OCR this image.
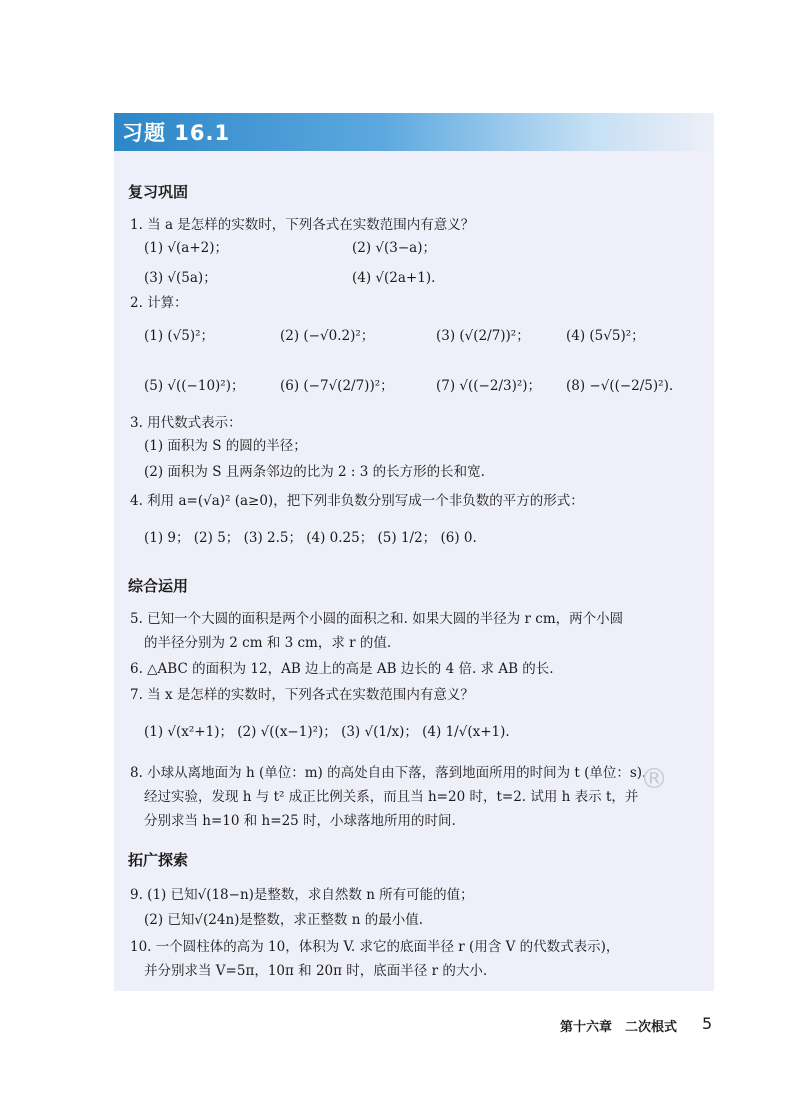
习题 16.1
复习巩固
1. 当 a 是怎样的实数时，下列各式在实数范围内有意义？
(1) √(a+2)；	(2) √(3−a)；
(3) √(5a)；	(4) √(2a+1).
2. 计算：
(1) (√5)²；	(2) (−√0.2)²；	(3) (√(2/7))²；	(4) (5√5)²；
(5) √((−10)²)；	(6) (−7√(2/7))²；	(7) √((−2/3)²)； (8) −√((−2/5)²).
3. 用代数式表示：
(1) 面积为 S 的圆的半径；
(2) 面积为 S 且两条邻边的比为 2 : 3 的长方形的长和宽.
4. 利用 a=(√a)² (a≥0)，把下列非负数分别写成一个非负数的平方的形式：
(1) 9； (2) 5； (3) 2.5； (4) 0.25； (5) 1/2； (6) 0.
综合运用
5. 已知一个大圆的面积是两个小圆的面积之和. 如果大圆的半径为 r cm，两个小圆
的半径分别为 2 cm 和 3 cm，求 r 的值.
6. △ABC 的面积为 12，AB 边上的高是 AB 边长的 4 倍. 求 AB 的长.
7. 当 x 是怎样的实数时，下列各式在实数范围内有意义？
(1) √(x²+1)； (2) √((x−1)²)； (3) √(1/x)； (4) 1/√(x+1).
8. 小球从离地面为 h (单位：m) 的高处自由下落，落到地面所用的时间为 t (单位：s).
经过实验，发现 h 与 t² 成正比例关系，而且当 h=20 时，t=2. 试用 h 表示 t，并
分别求当 h=10 和 h=25 时，小球落地所用的时间.
拓广探索
9. (1) 已知√(18−n)是整数，求自然数 n 所有可能的值；
(2) 已知√(24n)是整数，求正整数 n 的最小值.
10. 一个圆柱体的高为 10，体积为 V. 求它的底面半径 r (用含 V 的代数式表示)，
并分别求当 V=5π，10π 和 20π 时，底面半径 r 的大小.
®
第十六章　二次根式 5
